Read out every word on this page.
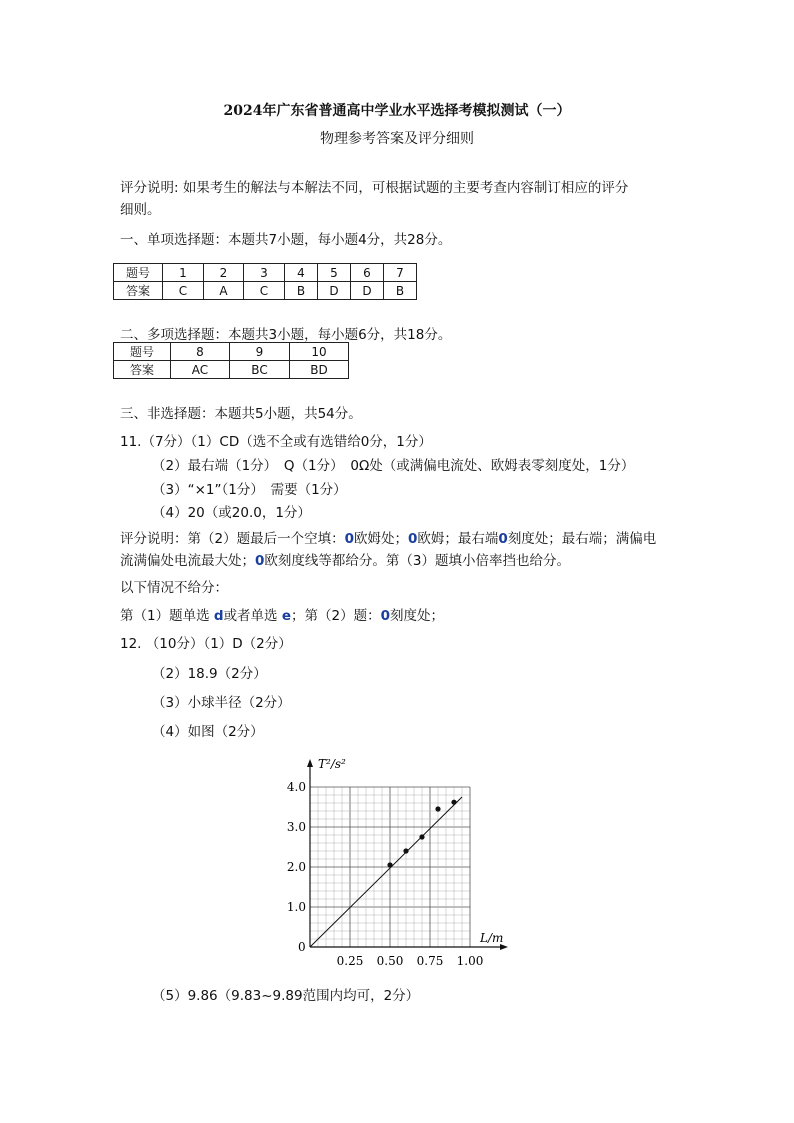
2024年广东省普通高中学业水平选择考模拟测试（一）
物理参考答案及评分细则
评分说明: 如果考生的解法与本解法不同，可根据试题的主要考查内容制订相应的评分
细则。
一、单项选择题：本题共7小题，每小题4分，共28分。
题号	1	2	3	4	5	6	7
答案	C	A	C	B	D	D	B
二、多项选择题：本题共3小题，每小题6分，共18分。
题号	8	9	10
答案	AC	BC	BD
三、非选择题：本题共5小题，共54分。
11.（7分）（1）CD（选不全或有选错给0分，1分）
（2）最右端（1分）　Q（1分）　0Ω处（或满偏电流处、欧姆表零刻度处，1分）
（3）“×1”（1分）　需要（1分）
（4）20（或20.0，1分）
评分说明：第（2）题最后一个空填：0欧姆处；0欧姆；最右端0刻度处；最右端；满偏电
流满偏处电流最大处；0欧刻度线等都给分。第（3）题填小倍率挡也给分。
以下情况不给分：
第（1）题单选 d或者单选 e；第（2）题：0刻度处；
12. （10分）（1）D（2分）
（2）18.9（2分）
（3）小球半径（2分）
（4）如图（2分）
0.25 0.50 0.75 1.00
1.0
2.0
3.0
4.0
T²/s²
L/m
0
（5）9.86（9.83~9.89范围内均可，2分）
